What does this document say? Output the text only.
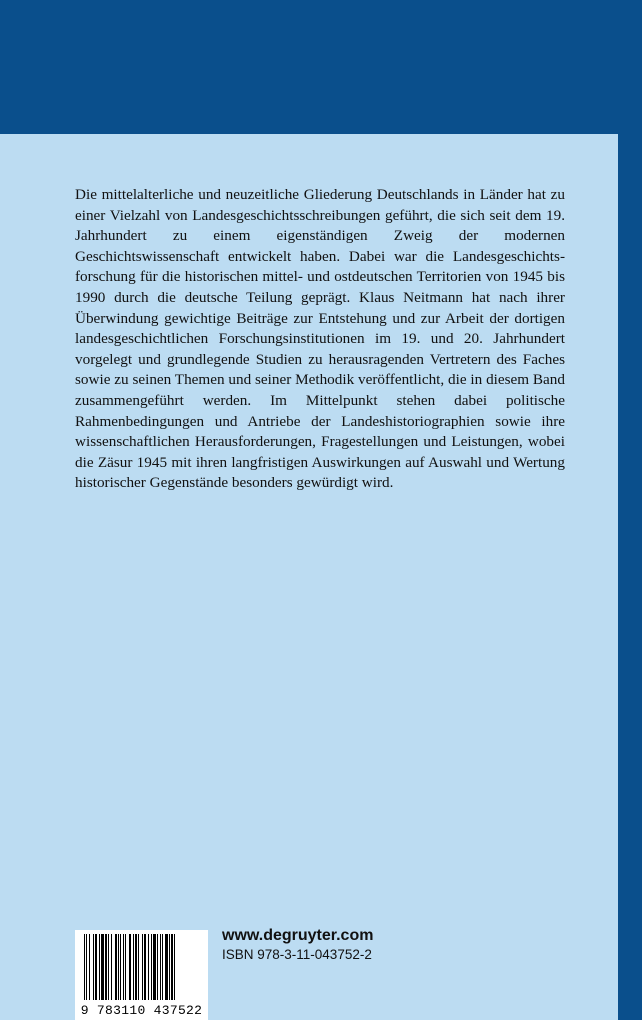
Die mittelalterliche und neuzeitliche Gliederung Deutschlands in Länder hat zu einer Vielzahl von Landesgeschichtsschreibungen geführt, die sich seit dem 19. Jahrhundert zu einem eigenständigen Zweig der modernen Geschichtswissenschaft entwickelt haben. Dabei war die Landesgeschichtsforschung für die historischen mittel- und ostdeutschen Territorien von 1945 bis 1990 durch die deutsche Teilung geprägt. Klaus Neitmann hat nach ihrer Überwindung gewichtige Beiträge zur Entstehung und zur Arbeit der dortigen landesgeschichtlichen Forschungsinstitutionen im 19. und 20. Jahrhundert vorgelegt und grundlegende Studien zu herausragenden Vertretern des Faches sowie zu seinen Themen und seiner Methodik veröffentlicht, die in diesem Band zusammengeführt werden. Im Mittelpunkt stehen dabei politische Rahmenbedingungen und Antriebe der Landeshistoriographien sowie ihre wissenschaftlichen Herausforderungen, Fragestellungen und Leistungen, wobei die Zäsur 1945 mit ihren langfristigen Auswirkungen auf Auswahl und Wertung historischer Gegenstände besonders gewürdigt wird.

9 783110 437522
www.degruyter.com
ISBN 978-3-11-043752-2
